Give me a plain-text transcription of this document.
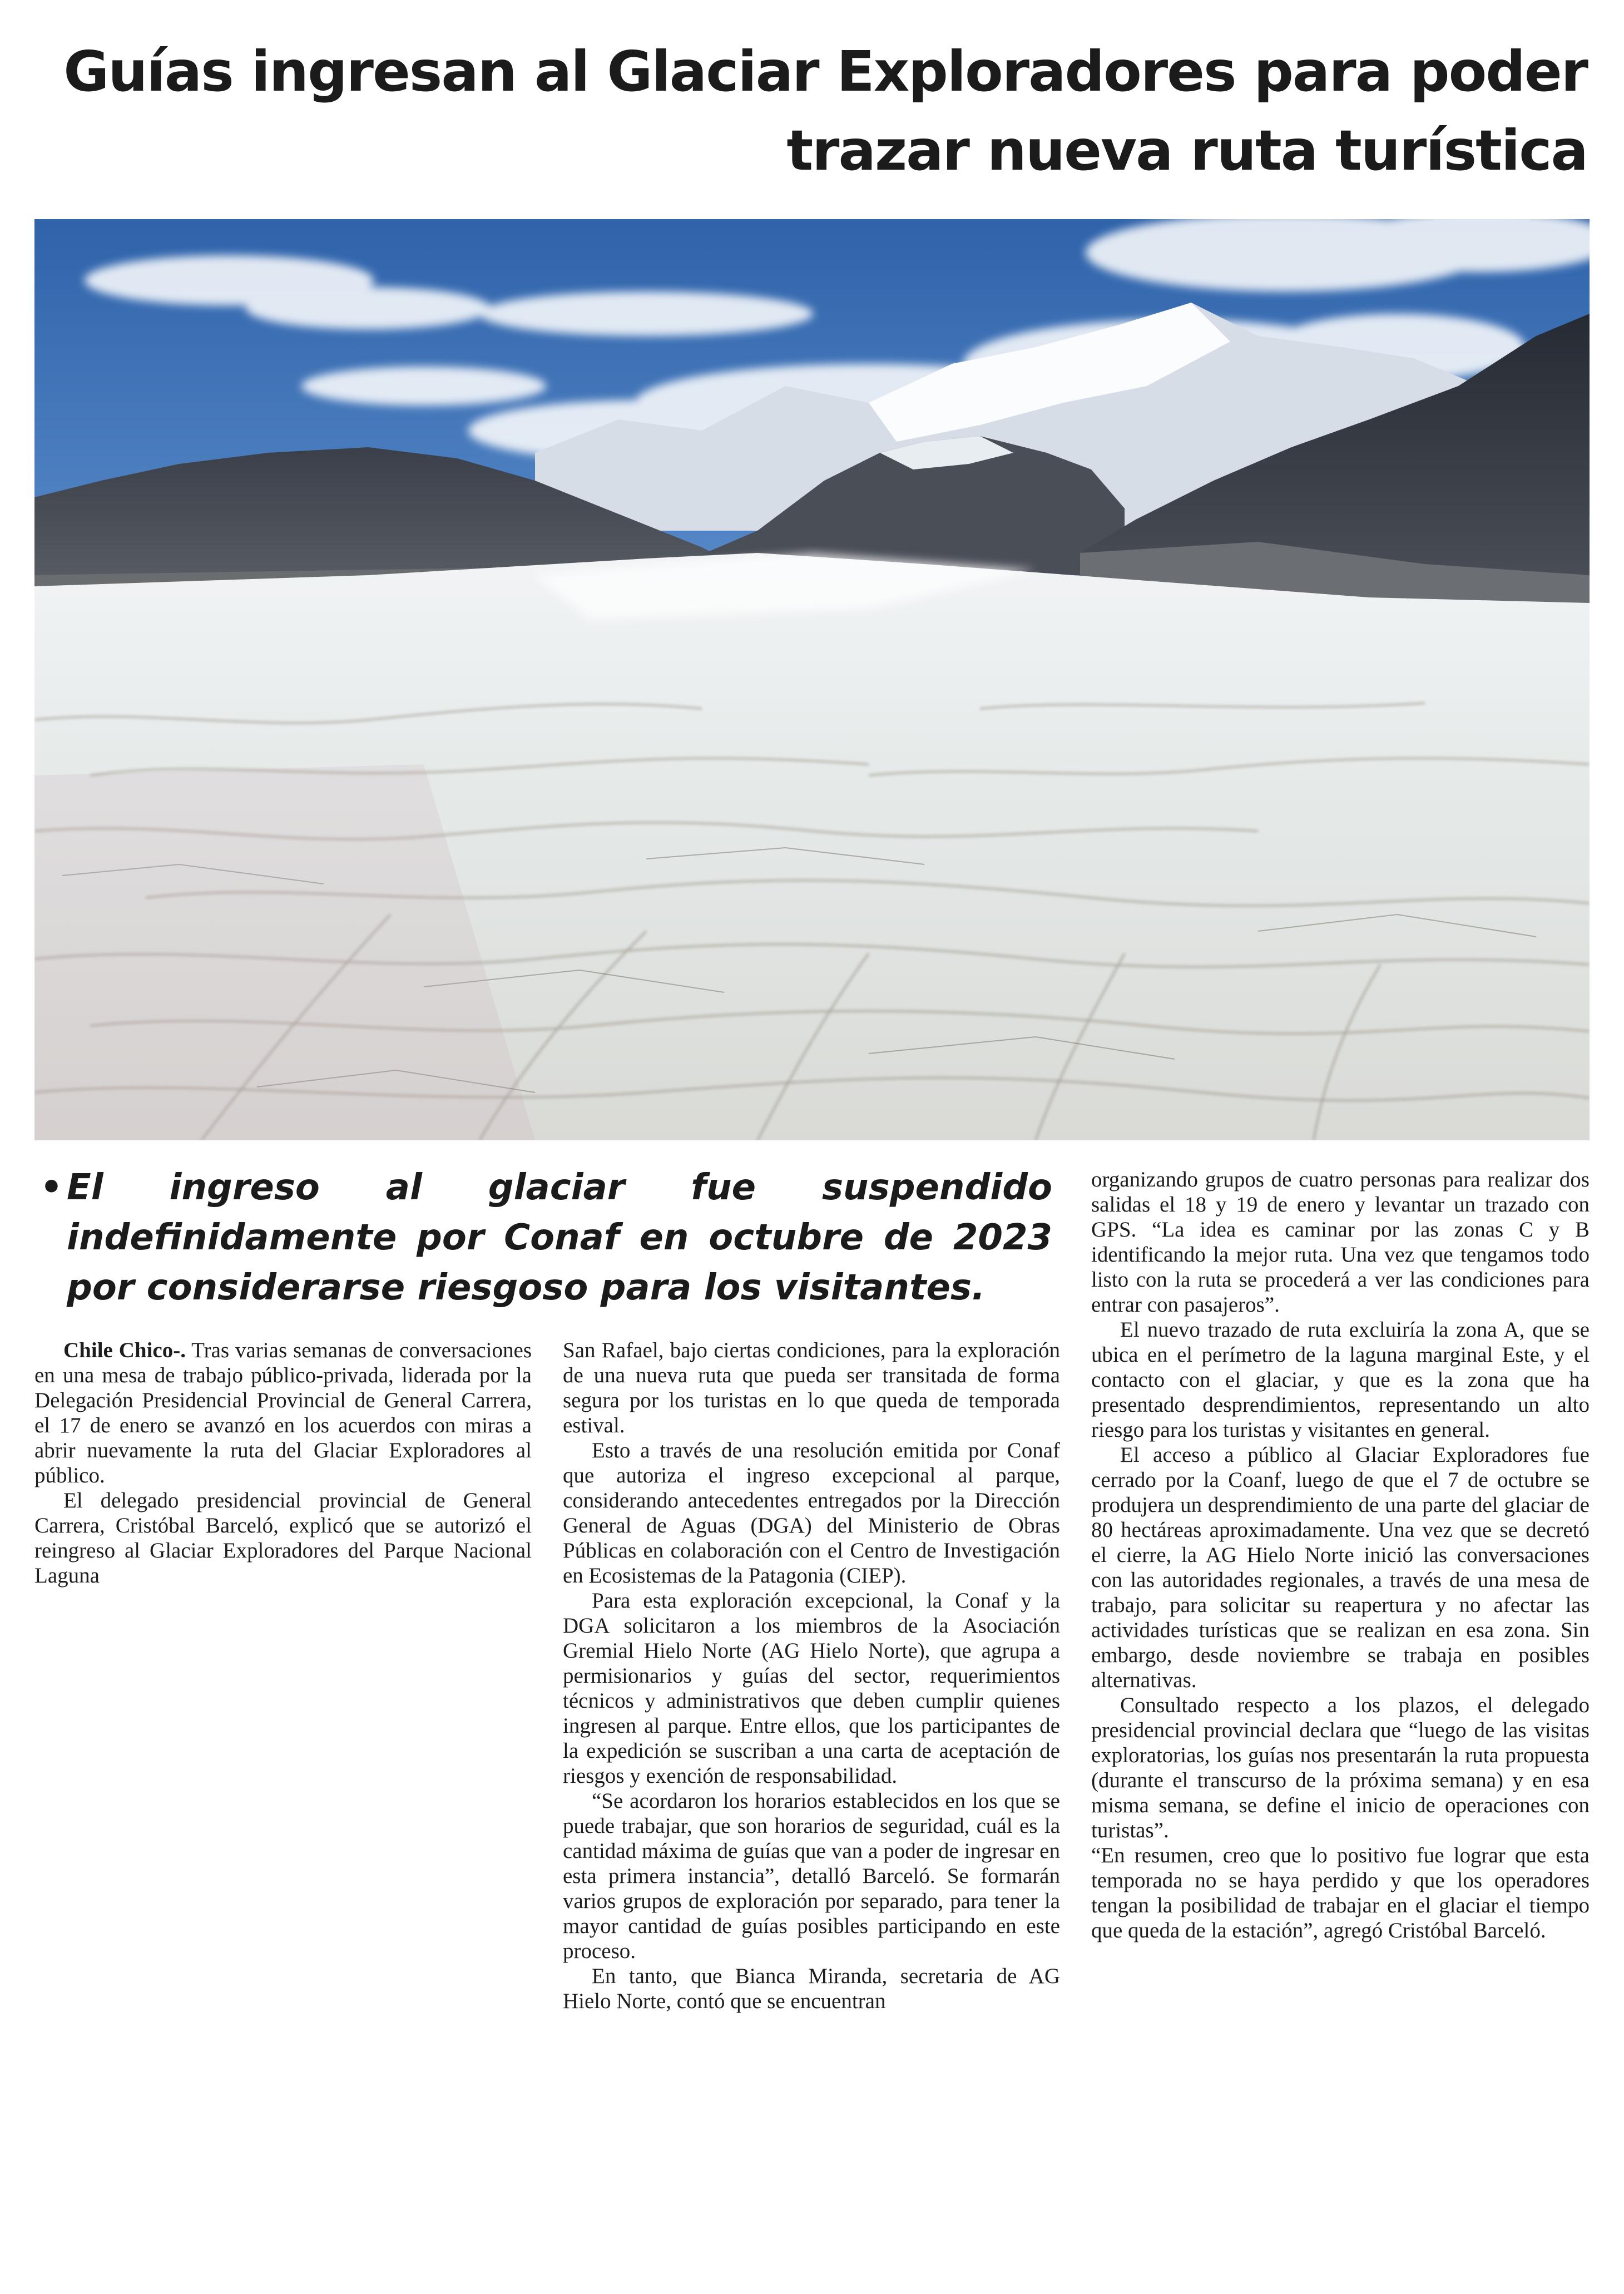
Guías ingresan al Glaciar Exploradores para poder
trazar nueva ruta turística
• El ingreso al glaciar fue suspendido indefinidamente por Conaf en octubre de 2023 por considerarse riesgoso para los visitantes.

Chile Chico-. Tras varias semanas de conversaciones en una mesa de trabajo público-privada, liderada por la Delegación Presidencial Provincial de General Carrera, el 17 de enero se avanzó en los acuerdos con miras a abrir nuevamente la ruta del Glaciar Exploradores al público.

El delegado presidencial provincial de General Carrera, Cristóbal Barceló, explicó que se autorizó el reingreso al Glaciar Exploradores del Parque Nacional Laguna

San Rafael, bajo ciertas condiciones, para la exploración de una nueva ruta que pueda ser transitada de forma segura por los turistas en lo que queda de temporada estival.

Esto a través de una resolución emitida por Conaf que autoriza el ingreso excepcional al parque, considerando antecedentes entregados por la Dirección General de Aguas (DGA) del Ministerio de Obras Públicas en colaboración con el Centro de Investigación en Ecosistemas de la Patagonia (CIEP).

Para esta exploración excepcional, la Conaf y la DGA solicitaron a los miembros de la Asociación Gremial Hielo Norte (AG Hielo Norte), que agrupa a permisionarios y guías del sector, requerimientos técnicos y administrativos que deben cumplir quienes ingresen al parque. Entre ellos, que los participantes de la expedición se suscriban a una carta de aceptación de riesgos y exención de responsabilidad.

“Se acordaron los horarios establecidos en los que se puede trabajar, que son horarios de seguridad, cuál es la cantidad máxima de guías que van a poder de ingresar en esta primera instancia”, detalló Barceló. Se formarán varios grupos de exploración por separado, para tener la mayor cantidad de guías posibles participando en este proceso.

En tanto, que Bianca Miranda, secretaria de AG Hielo Norte, contó que se encuentran

organizando grupos de cuatro personas para realizar dos salidas el 18 y 19 de enero y levantar un trazado con GPS. “La idea es caminar por las zonas C y B identificando la mejor ruta. Una vez que tengamos todo listo con la ruta se procederá a ver las condiciones para entrar con pasajeros”.

El nuevo trazado de ruta excluiría la zona A, que se ubica en el perímetro de la laguna marginal Este, y el contacto con el glaciar, y que es la zona que ha presentado desprendimientos, representando un alto riesgo para los turistas y visitantes en general.

El acceso a público al Glaciar Exploradores fue cerrado por la Coanf, luego de que el 7 de octubre se produjera un desprendimiento de una parte del glaciar de 80 hectáreas aproximadamente. Una vez que se decretó el cierre, la AG Hielo Norte inició las conversaciones con las autoridades regionales, a través de una mesa de trabajo, para solicitar su reapertura y no afectar las actividades turísticas que se realizan en esa zona. Sin embargo, desde noviembre se trabaja en posibles alternativas.

Consultado respecto a los plazos, el delegado presidencial provincial declara que “luego de las visitas exploratorias, los guías nos presentarán la ruta propuesta (durante el transcurso de la próxima semana) y en esa misma semana, se define el inicio de operaciones con turistas”.

“En resumen, creo que lo positivo fue lograr que esta temporada no se haya perdido y que los operadores tengan la posibilidad de trabajar en el glaciar el tiempo que queda de la estación”, agregó Cristóbal Barceló.
